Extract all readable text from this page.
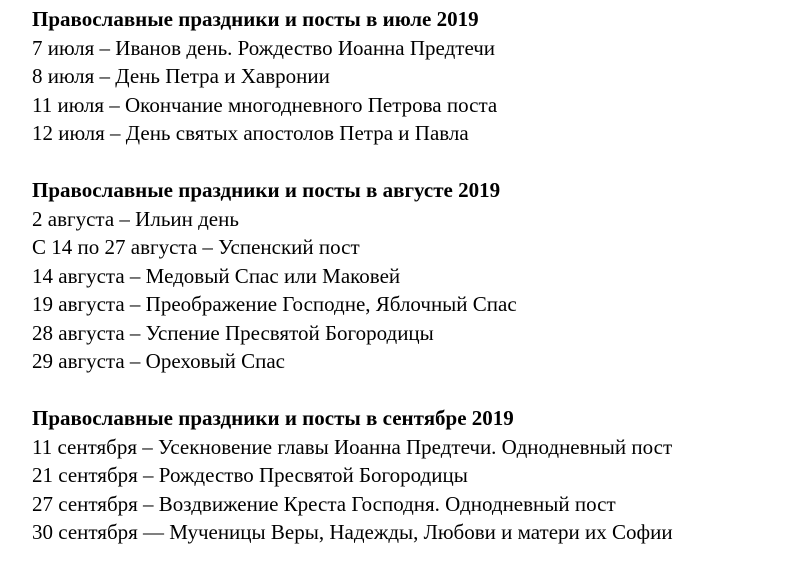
Православные праздники и посты в июле 2019
7 июля – Иванов день. Рождество Иоанна Предтечи
8 июля – День Петра и Хавронии
11 июля – Окончание многодневного Петрова поста
12 июля – День святых апостолов Петра и Павла
Православные праздники и посты в августе 2019
2 августа – Ильин день
С 14 по 27 августа – Успенский пост
14 августа – Медовый Спас или Маковей
19 августа – Преображение Господне, Яблочный Спас
28 августа – Успение Пресвятой Богородицы
29 августа – Ореховый Спас
Православные праздники и посты в сентябре 2019
11 сентября – Усекновение главы Иоанна Предтечи. Однодневный пост
21 сентября – Рождество Пресвятой Богородицы
27 сентября – Воздвижение Креста Господня. Однодневный пост
30 сентября — Мученицы Веры, Надежды, Любови и матери их Софии
